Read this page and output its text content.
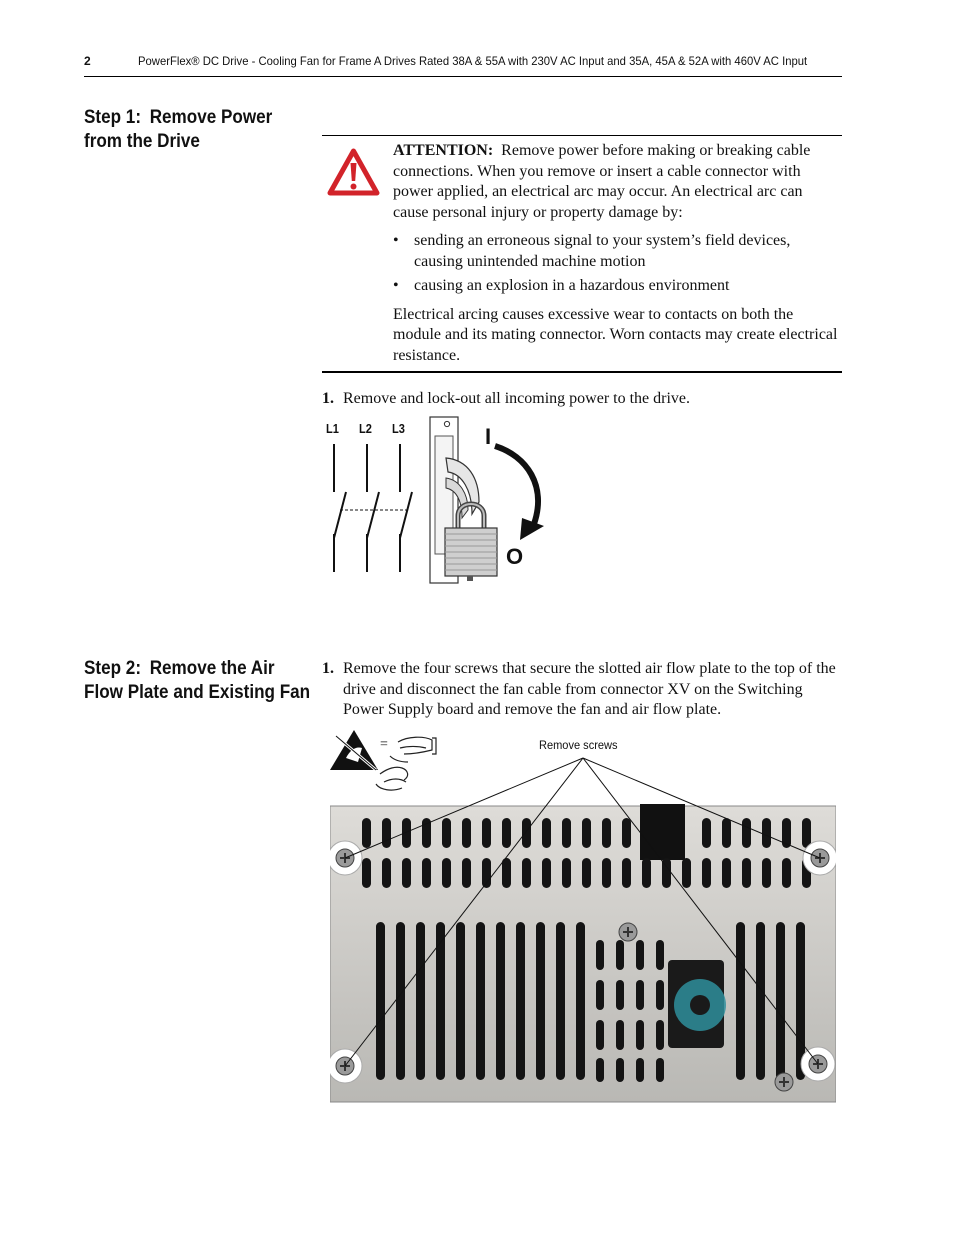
2	PowerFlex® DC Drive - Cooling Fan for Frame A Drives Rated 38A & 55A with 230V AC Input and 35A, 45A & 52A with 460V AC Input
Step 1: Remove Power
from the Drive	ATTENTION: Remove power before making or breaking cable connections. When you remove or insert a cable connector with power applied, an electrical arc may occur. An electrical arc can cause personal injury or property damage by:

• sending an erroneous signal to your system’s field devices, causing unintended machine motion
• causing an explosion in a hazardous environment

Electrical arcing causes excessive wear to contacts on both the module and its mating connector. Worn contacts may create electrical resistance.

1. Remove and lock-out all incoming power to the drive.
L1 L2 L3	I
O
Step 2: Remove the Air
Flow Plate and Existing Fan
1. Remove the four screws that secure the slotted air flow plate to the top of the drive and disconnect the fan cable from connector XV on the Switching Power Supply board and remove the fan and air flow plate.
=	Remove screws
